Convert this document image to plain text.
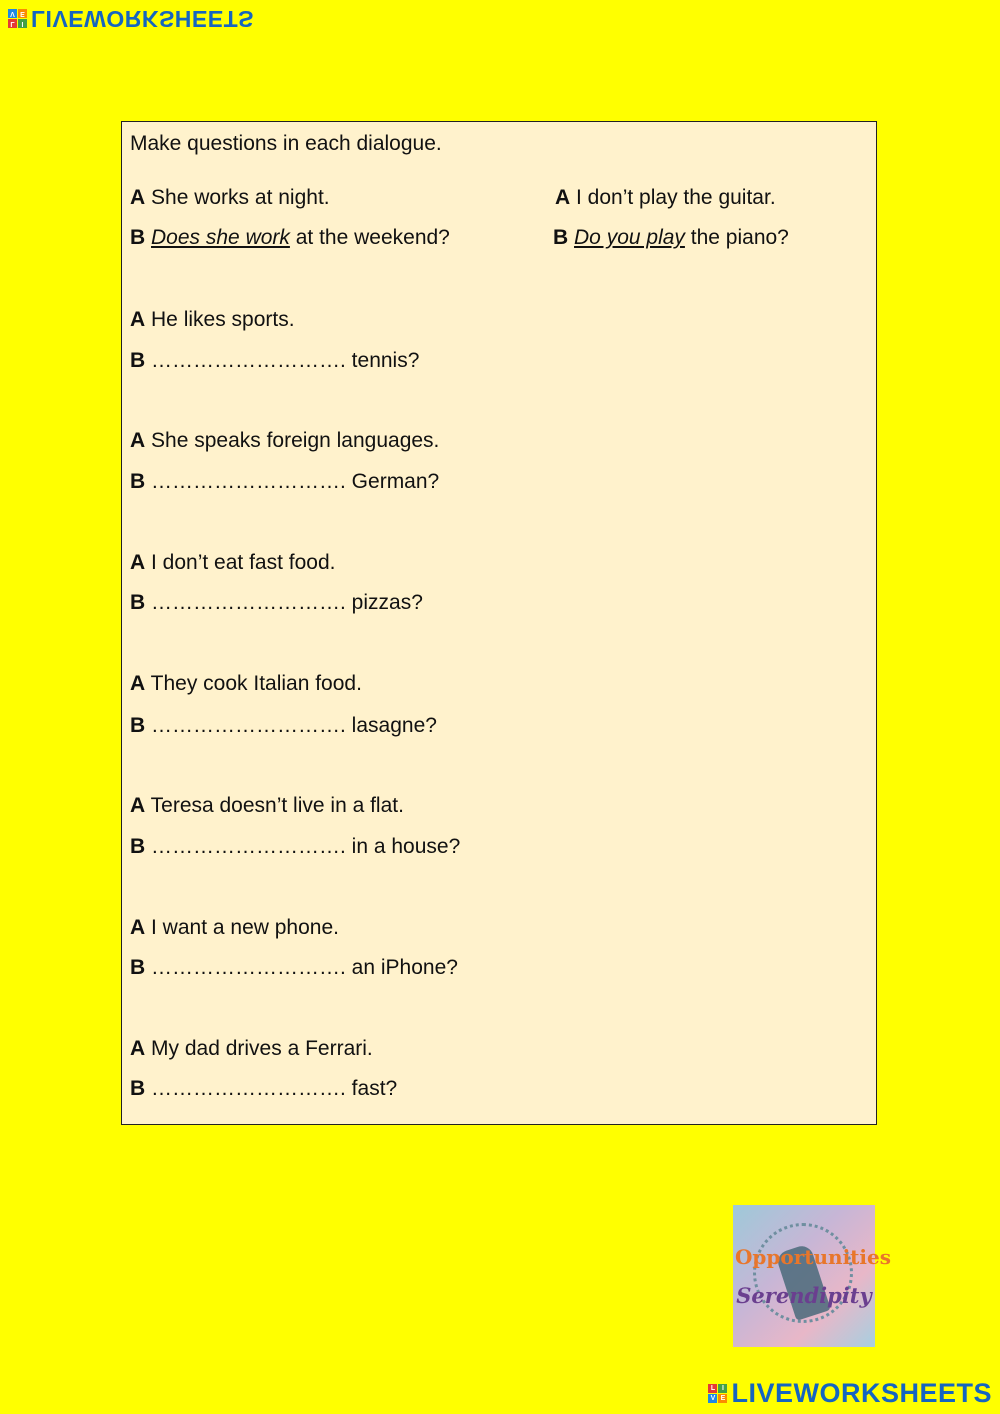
L I
V E LIVEWORKSHEETS
Make questions in each dialogue.
A She works at night.
B Does she work at the weekend?
A I don’t play the guitar.
B Do you play the piano?
A He likes sports.
B ………………………. tennis?
A She speaks foreign languages.
B ………………………. German?
A I don’t eat fast food.
B ………………………. pizzas?
A They cook Italian food.
B ………………………. lasagne?
A Teresa doesn’t live in a flat.
B ………………………. in a house?
A I want a new phone.
B ………………………. an iPhone?
A My dad drives a Ferrari.
B ………………………. fast?
Opportunities
Serendipity
L I
V E LIVEWORKSHEETS
